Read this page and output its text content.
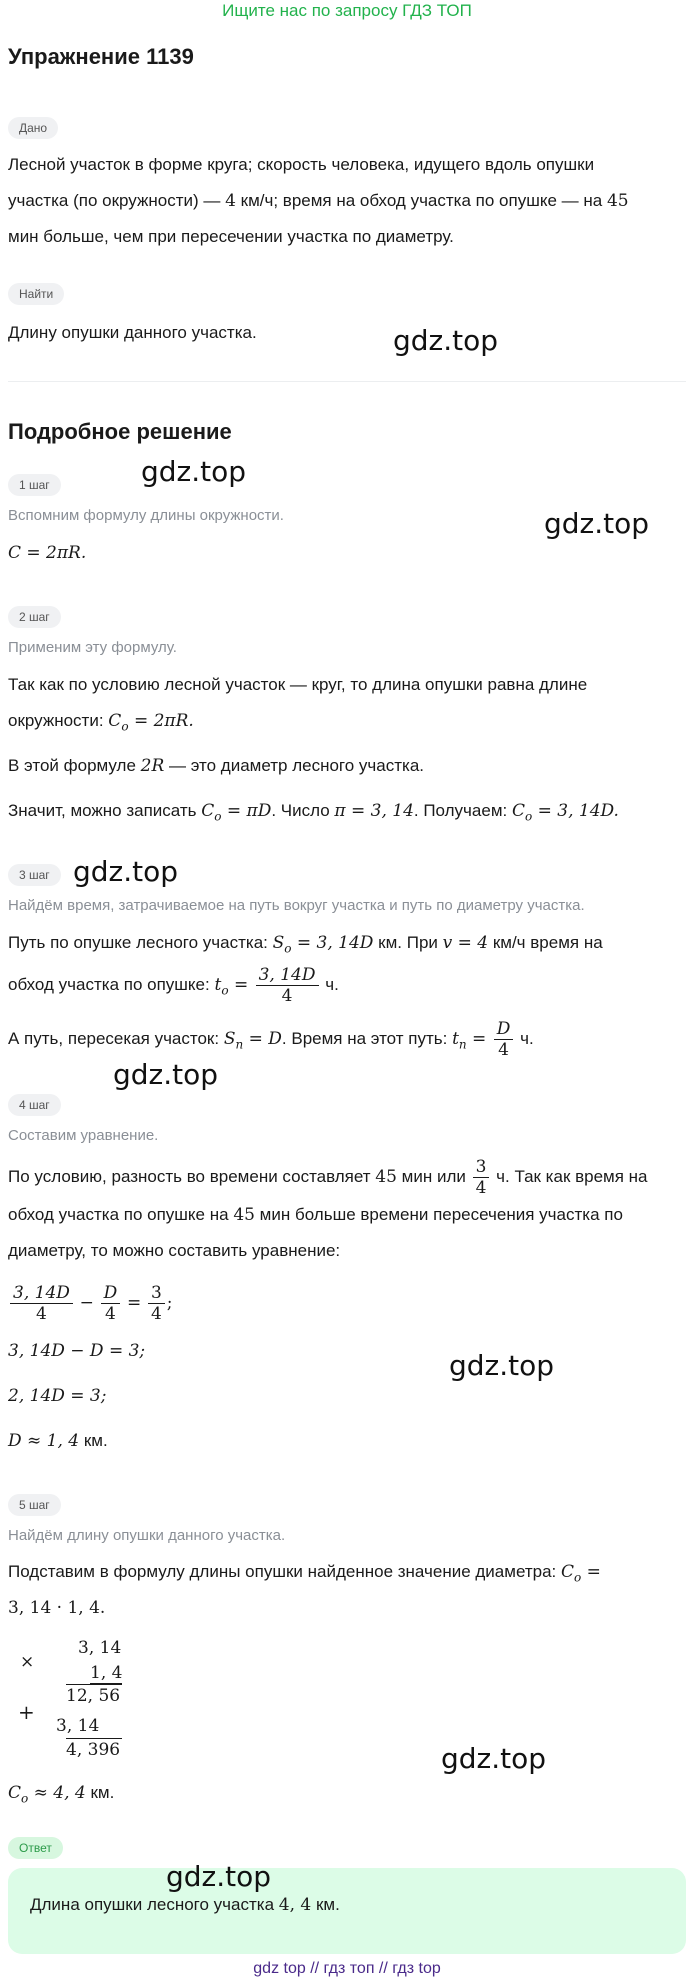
Ищите нас по запросу ГДЗ ТОП
Упражнение 1139
Дано
Лесной участок в форме круга; скорость человека, идущего вдоль опушки
участка (по окружности) — 4 км/ч; время на обход участка по опушке — на 45
мин больше, чем при пересечении участка по диаметру.
Найти
Длину опушки данного участка.
Подробное решение
1 шаг
Вспомним формулу длины окружности.
C = 2πR.
2 шаг
Применим эту формулу.
Так как по условию лесной участок — круг, то длина опушки равна длине
окружности: $C_o = 2\pi R$.
В этой формуле 2R — это диаметр лесного участка.
Значит, можно записать $C_o = \pi D$. Число π = 3, 14. Получаем: $C_o = 3$, 14D.
3 шаг
Найдём время, затрачиваемое на путь вокруг участка и путь по диаметру участка.
Путь по опушке лесного участка: $S_o = 3$, 14D км. При v = 4 км/ч время на
обход участка по опушке: $t_o = \frac{3, 14D}{4} ч$.
А путь, пересекая участок: $S_n = D$. Время на этот путь: $t_n = \frac{D}{4} ч$.
4 шаг
Составим уравнение.
По условию, разность во времени составляет 45 мин или $\frac{3}{4} ч$. Так как время на
обход участка по опушке на 45 мин больше времени пересечения участка по
диаметру, то можно составить уравнение:
$\frac{3, 14D}{4} - \frac{D}{4} = \frac{3}{4}$ ;
3, 14D − D = 3;
2, 14D = 3;
D ≈ 1, 4 км.
5 шаг
Найдём длину опушки данного участка.
Подставим в формулу длины опушки найденное значение диаметра: $C_o$ =
3, 14 · 1, 4.
×
3, 14
1, 4
12, 56
+
3, 14
4, 396
$C_o \approx 4$, 4 км.
Ответ
Длина опушки лесного участка 4, 4 км.
gdz.top
gdz.top
gdz.top
gdz.top
gdz.top
gdz.top
gdz.top
gdz.top
gdz top // гдз топ // гдз top
